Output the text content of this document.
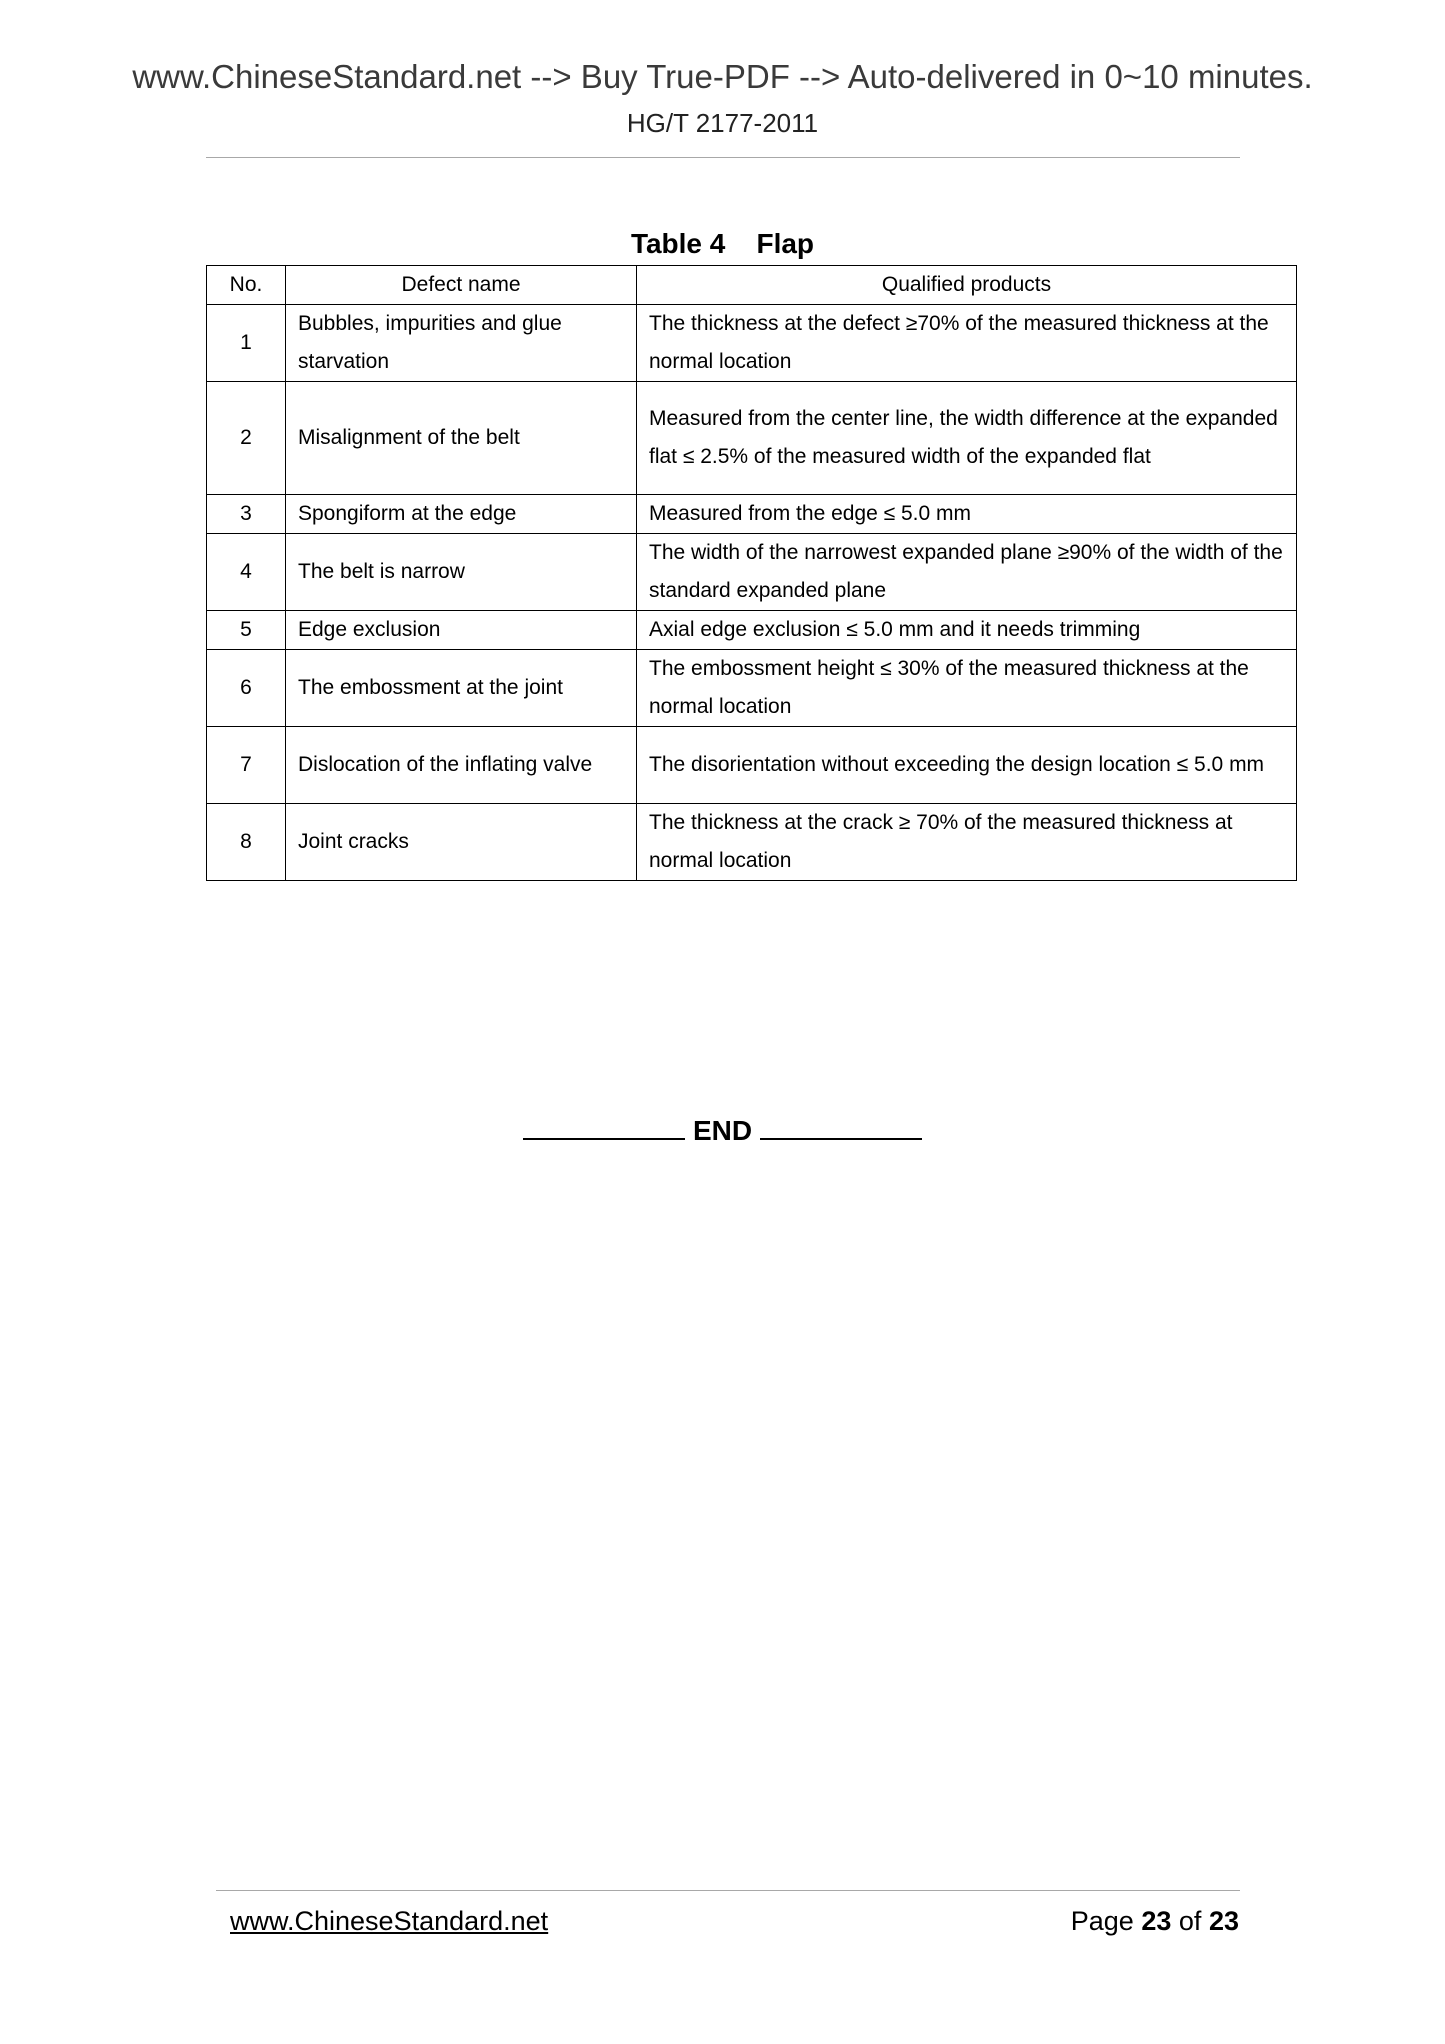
www.ChineseStandard.net --> Buy True-PDF --> Auto-delivered in 0~10 minutes.
HG/T 2177-2011
Table 4    Flap
No.	Defect name	Qualified products
1	Bubbles, impurities and glue starvation	The thickness at the defect ≥70% of the measured thickness at the normal location
2	Misalignment of the belt	Measured from the center line, the width difference at the expanded flat ≤ 2.5% of the measured width of the expanded flat
3	Spongiform at the edge	Measured from the edge ≤ 5.0 mm
4	The belt is narrow	The width of the narrowest expanded plane ≥90% of the width of the standard expanded plane
5	Edge exclusion	Axial edge exclusion ≤ 5.0 mm and it needs trimming
6	The embossment at the joint	The embossment height ≤ 30% of the measured thickness at the normal location
7	Dislocation of the inflating valve	The disorientation without exceeding the design location ≤ 5.0 mm
8	Joint cracks	The thickness at the crack ≥ 70% of the measured thickness at normal location
END
www.ChineseStandard.net	Page 23 of 23
